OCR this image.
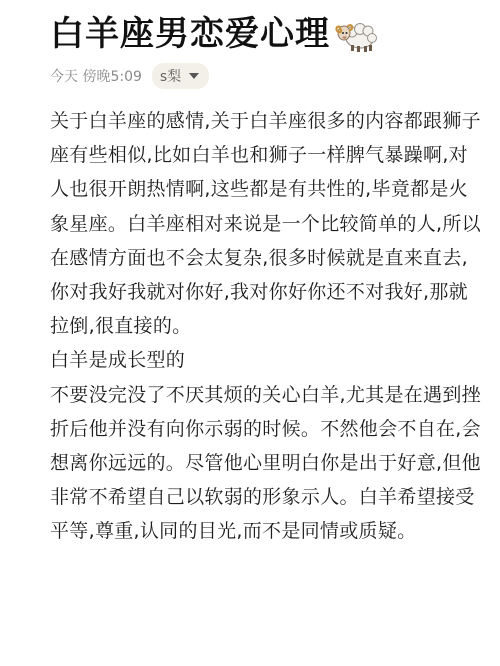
白羊座男恋爱心理
今天 傍晚5:09 s梨

关于白羊座的感情,关于白羊座很多的内容都跟狮子座有些相似,比如白羊也和狮子一样脾气暴躁啊,对人也很开朗热情啊,这些都是有共性的,毕竟都是火象星座。白羊座相对来说是一个比较简单的人,所以在感情方面也不会太复杂,很多时候就是直来直去,你对我好我就对你好,我对你好你还不对我好,那就拉倒,很直接的。

白羊是成长型的

不要没完没了不厌其烦的关心白羊,尤其是在遇到挫折后他并没有向你示弱的时候。不然他会不自在,会想离你远远的。尽管他心里明白你是出于好意,但他非常不希望自己以软弱的形象示人。白羊希望接受平等,尊重,认同的目光,而不是同情或质疑。
